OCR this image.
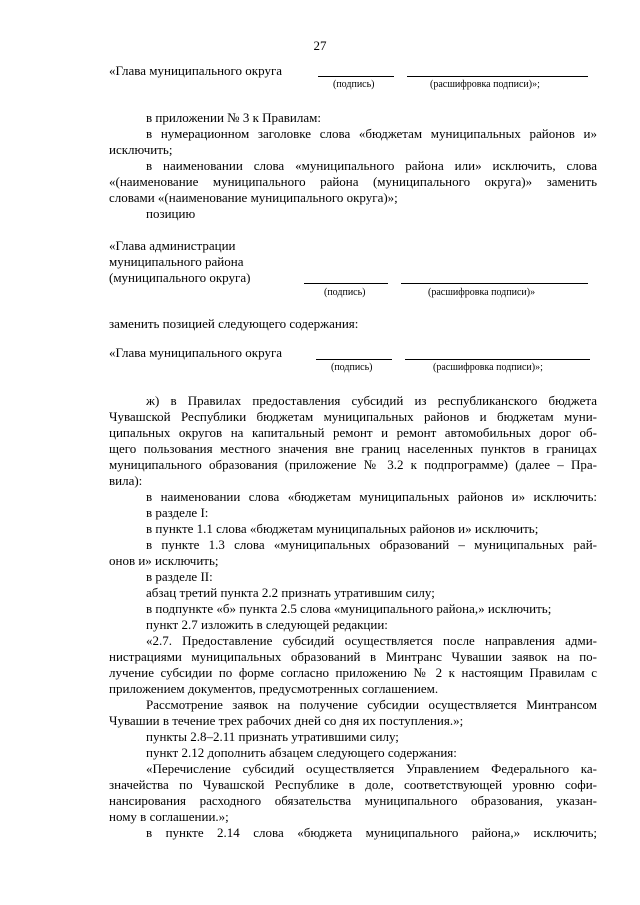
27
«Глава муниципального округа
(подпись)	(расшифровка подписи)»;
в приложении № 3 к Правилам:
в нумерационном заголовке слова «бюджетам муниципальных районов и»
исключить;
в наименовании слова «муниципального района или» исключить, слова
«(наименование муниципального района (муниципального округа)» заменить
словами «(наименование муниципального округа)»;
позицию
«Глава администрации
муниципального района
(муниципального округа)
(подпись)	(расшифровка подписи)»
заменить позицией следующего содержания:
«Глава муниципального округа
(подпись)	(расшифровка подписи)»;
ж) в Правилах предоставления субсидий из республиканского бюджета
Чувашской Республики бюджетам муниципальных районов и бюджетам муни-
ципальных округов на капитальный ремонт и ремонт автомобильных дорог об-
щего пользования местного значения вне границ населенных пунктов в границах
муниципального образования (приложение № 3.2 к подпрограмме) (далее – Пра-
вила):
в наименовании слова «бюджетам муниципальных районов и» исключить:
в разделе I:
в пункте 1.1 слова «бюджетам муниципальных районов и» исключить;
в пункте 1.3 слова «муниципальных образований – муниципальных рай-
онов и» исключить;
в разделе II:
абзац третий пункта 2.2 признать утратившим силу;
в подпункте «б» пункта 2.5 слова «муниципального района,» исключить;
пункт 2.7 изложить в следующей редакции:
«2.7. Предоставление субсидий осуществляется после направления адми-
нистрациями муниципальных образований в Минтранс Чувашии заявок на по-
лучение субсидии по форме согласно приложению № 2 к настоящим Правилам с
приложением документов, предусмотренных соглашением.
Рассмотрение заявок на получение субсидии осуществляется Минтрансом
Чувашии в течение трех рабочих дней со дня их поступления.»;
пункты 2.8–2.11 признать утратившими силу;
пункт 2.12 дополнить абзацем следующего содержания:
«Перечисление субсидий осуществляется Управлением Федерального ка-
значейства по Чувашской Республике в доле, соответствующей уровню софи-
нансирования расходного обязательства муниципального образования, указан-
ному в соглашении.»;
в пункте 2.14 слова «бюджета муниципального района,» исключить;
